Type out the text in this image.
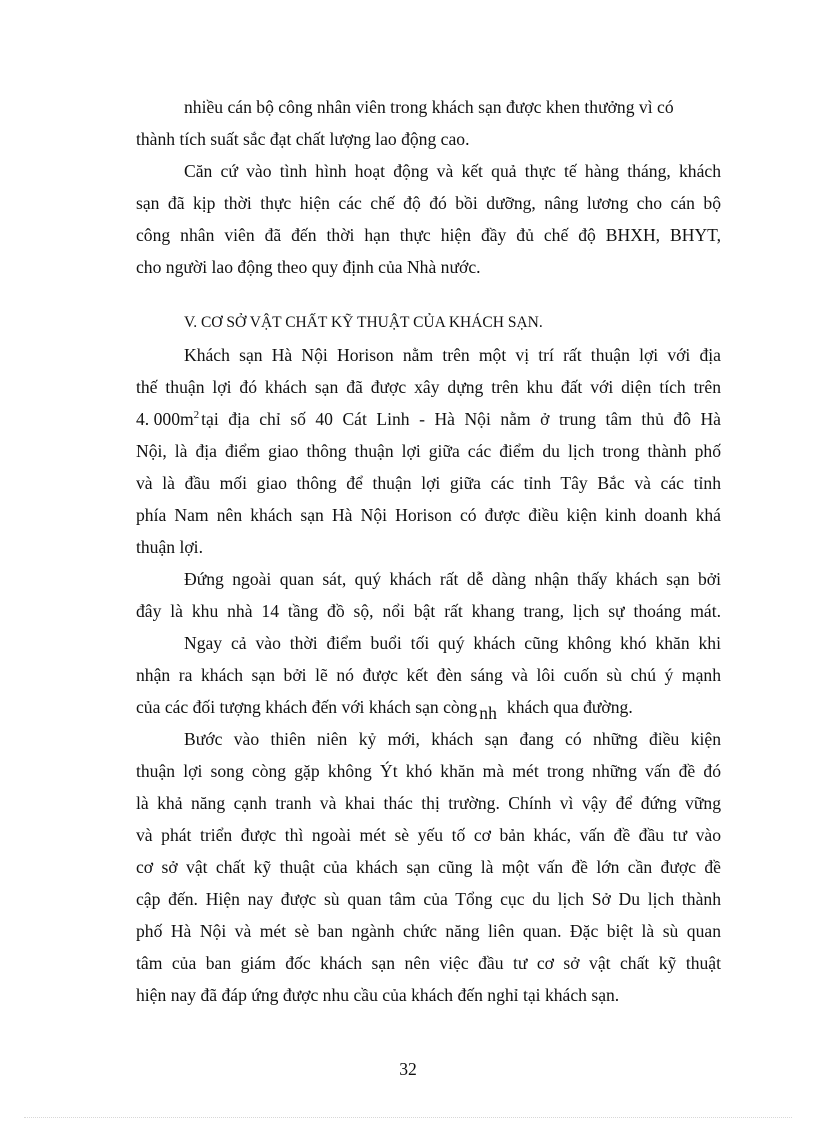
nhiều cán bộ công nhân viên trong khách sạn được khen thưởng vì có
thành tích suất sắc đạt chất lượng lao động cao.
Căn cứ vào tình hình hoạt động và kết quả thực tế hàng tháng, khách
sạn đã kịp thời thực hiện các chế độ đó bồi dưỡng, nâng lương cho cán bộ
công nhân viên đã đến thời hạn thực hiện đầy đủ chế độ BHXH, BHYT,
cho người lao động theo quy định của Nhà nước.
V. CƠ SỞ VẬT CHẤT KỸ THUẬT CỦA KHÁCH SẠN.
Khách sạn Hà Nội Horison nằm trên một vị trí rất thuận lợi với địa
thế thuận lợi đó khách sạn đã được xây dựng trên khu đất với diện tích trên
4. $000m^2$ tại địa chỉ số 40 Cát Linh - Hà Nội nằm ở trung tâm thủ đô Hà
Nội, là địa điểm giao thông thuận lợi giữa các điểm du lịch trong thành phố
và là đầu mối giao thông để thuận lợi giữa các tỉnh Tây Bắc và các tỉnh
phía Nam nên khách sạn Hà Nội Horison có được điều kiện kinh doanh khá
thuận lợi.
Đứng ngoài quan sát, quý khách rất dễ dàng nhận thấy khách sạn bởi
đây là khu nhà 14 tầng đồ sộ, nổi bật rất khang trang, lịch sự thoáng mát.
Ngay cả vào thời điểm buổi tối quý khách cũng không khó khăn khi
nhận ra khách sạn bởi lẽ nó được kết đèn sáng và lôi cuốn sù chú ý mạnh
của các đối tượng khách đến với khách sạn còng nh khách qua đường.
Bước vào thiên niên kỷ mới, khách sạn đang có những điều kiện
thuận lợi song còng gặp không Ýt khó khăn mà mét trong những vấn đề đó
là khả năng cạnh tranh và khai thác thị trường. Chính vì vậy để đứng vững
và phát triển được thì ngoài mét sè yếu tố cơ bản khác, vấn đề đầu tư vào
cơ sở vật chất kỹ thuật của khách sạn cũng là một vấn đề lớn cần được đề
cập đến. Hiện nay được sù quan tâm của Tổng cục du lịch Sở Du lịch thành
phố Hà Nội và mét sè ban ngành chức năng liên quan. Đặc biệt là sù quan
tâm của ban giám đốc khách sạn nên việc đầu tư cơ sở vật chất kỹ thuật
hiện nay đã đáp ứng được nhu cầu của khách đến nghỉ tại khách sạn.
32
